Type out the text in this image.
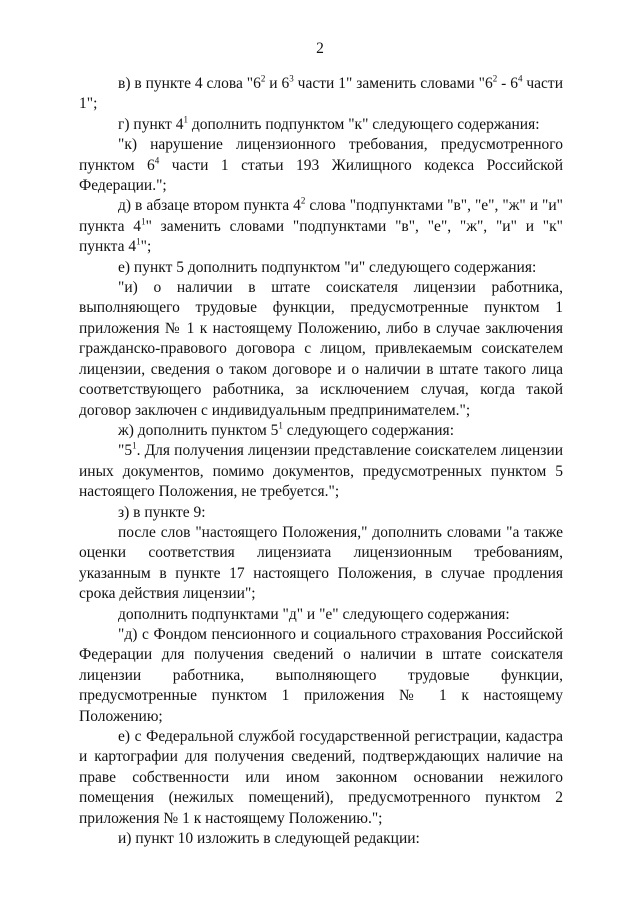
2

в) в пункте 4 слова "$6^2$ и $6^3$ части 1" заменить словами "$6^2 - 6^4$ части 1";

г) пункт $4^1$ дополнить подпунктом "к" следующего содержания:

"к) нарушение лицензионного требования, предусмотренного пунктом $6^4$ части 1 статьи 193 Жилищного кодекса Российской Федерации.";

д) в абзаце втором пункта $4^2$ слова "подпунктами "в", "е", "ж" и "и" пункта $4^1$" заменить словами "подпунктами "в", "е", "ж", "и" и "к" пункта $4^1$";

е) пункт 5 дополнить подпунктом "и" следующего содержания:

"и) о наличии в штате соискателя лицензии работника, выполняющего трудовые функции, предусмотренные пунктом 1 приложения № 1 к настоящему Положению, либо в случае заключения гражданско-правового договора с лицом, привлекаемым соискателем лицензии, сведения о таком договоре и о наличии в штате такого лица соответствующего работника, за исключением случая, когда такой договор заключен с индивидуальным предпринимателем.";

ж) дополнить пунктом $5^1$ следующего содержания:

"$5^1$. Для получения лицензии представление соискателем лицензии иных документов, помимо документов, предусмотренных пунктом 5 настоящего Положения, не требуется.";

з) в пункте 9:

после слов "настоящего Положения," дополнить словами "а также оценки соответствия лицензиата лицензионным требованиям, указанным в пункте 17 настоящего Положения, в случае продления срока действия лицензии";

дополнить подпунктами "д" и "е" следующего содержания:

"д) с Фондом пенсионного и социального страхования Российской Федерации для получения сведений о наличии в штате соискателя лицензии работника, выполняющего трудовые функции, предусмотренные пунктом 1 приложения № 1 к настоящему Положению;

е) с Федеральной службой государственной регистрации, кадастра и картографии для получения сведений, подтверждающих наличие на праве собственности или ином законном основании нежилого помещения (нежилых помещений), предусмотренного пунктом 2 приложения № 1 к настоящему Положению.";

и) пункт 10 изложить в следующей редакции:
